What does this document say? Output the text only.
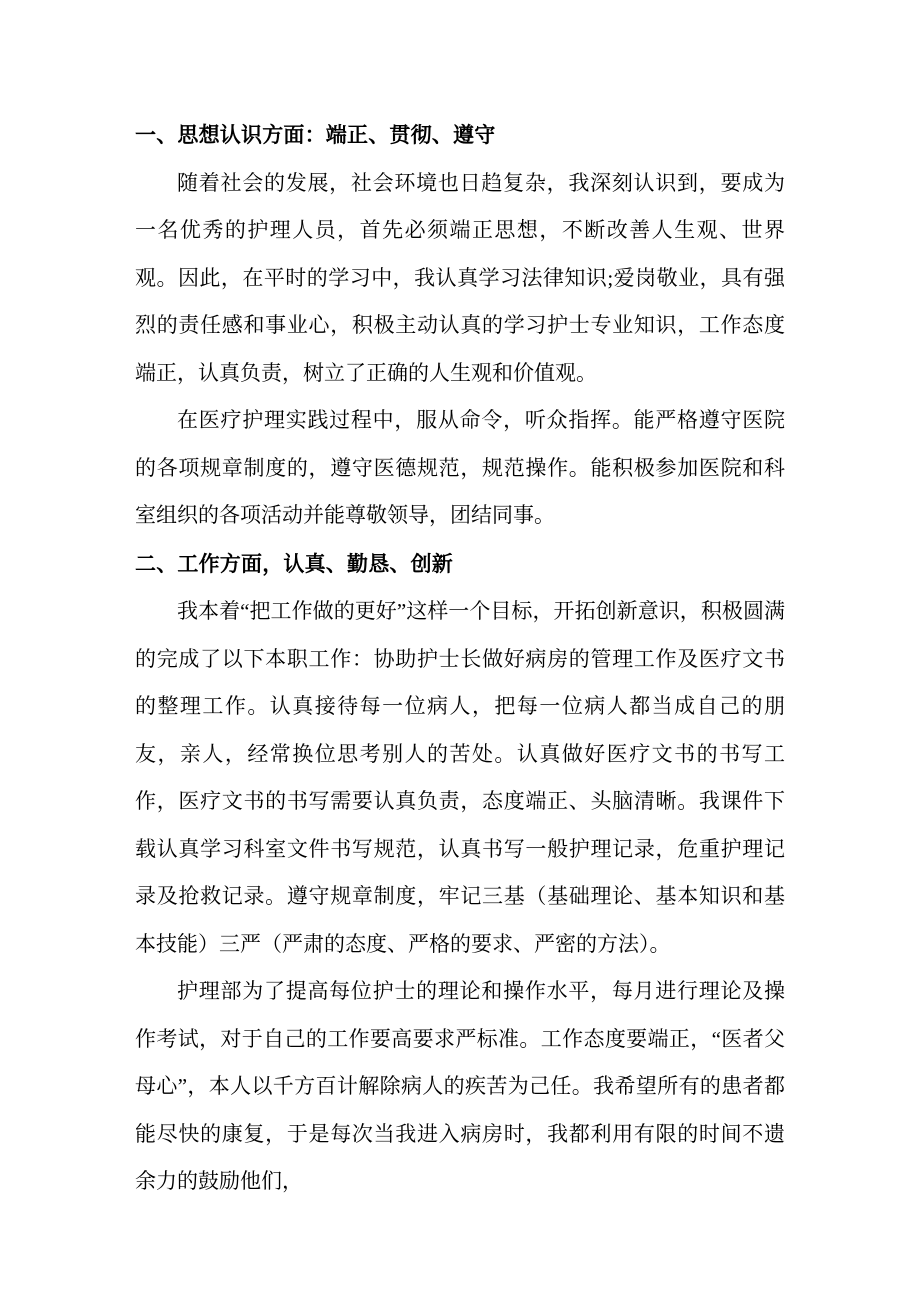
一、思想认识方面：端正、贯彻、遵守

随着社会的发展，社会环境也日趋复杂，我深刻认识到，要成为一名优秀的护理人员，首先必须端正思想，不断改善人生观、世界观。因此，在平时的学习中，我认真学习法律知识;爱岗敬业，具有强烈的责任感和事业心，积极主动认真的学习护士专业知识，工作态度端正，认真负责，树立了正确的人生观和价值观。

在医疗护理实践过程中，服从命令，听众指挥。能严格遵守医院的各项规章制度的，遵守医德规范，规范操作。能积极参加医院和科室组织的各项活动并能尊敬领导，团结同事。

二、工作方面，认真、勤恳、创新

我本着“把工作做的更好”这样一个目标，开拓创新意识，积极圆满的完成了以下本职工作：协助护士长做好病房的管理工作及医疗文书的整理工作。认真接待每一位病人，把每一位病人都当成自己的朋友，亲人，经常换位思考别人的苦处。认真做好医疗文书的书写工作，医疗文书的书写需要认真负责，态度端正、头脑清晰。我课件下载认真学习科室文件书写规范，认真书写一般护理记录，危重护理记录及抢救记录。遵守规章制度，牢记三基（基础理论、基本知识和基本技能）三严（严肃的态度、严格的要求、严密的方法）。

护理部为了提高每位护士的理论和操作水平，每月进行理论及操作考试，对于自己的工作要高要求严标准。工作态度要端正，“医者父母心”，本人以千方百计解除病人的疾苦为己任。我希望所有的患者都能尽快的康复，于是每次当我进入病房时，我都利用有限的时间不遗余力的鼓励他们，
